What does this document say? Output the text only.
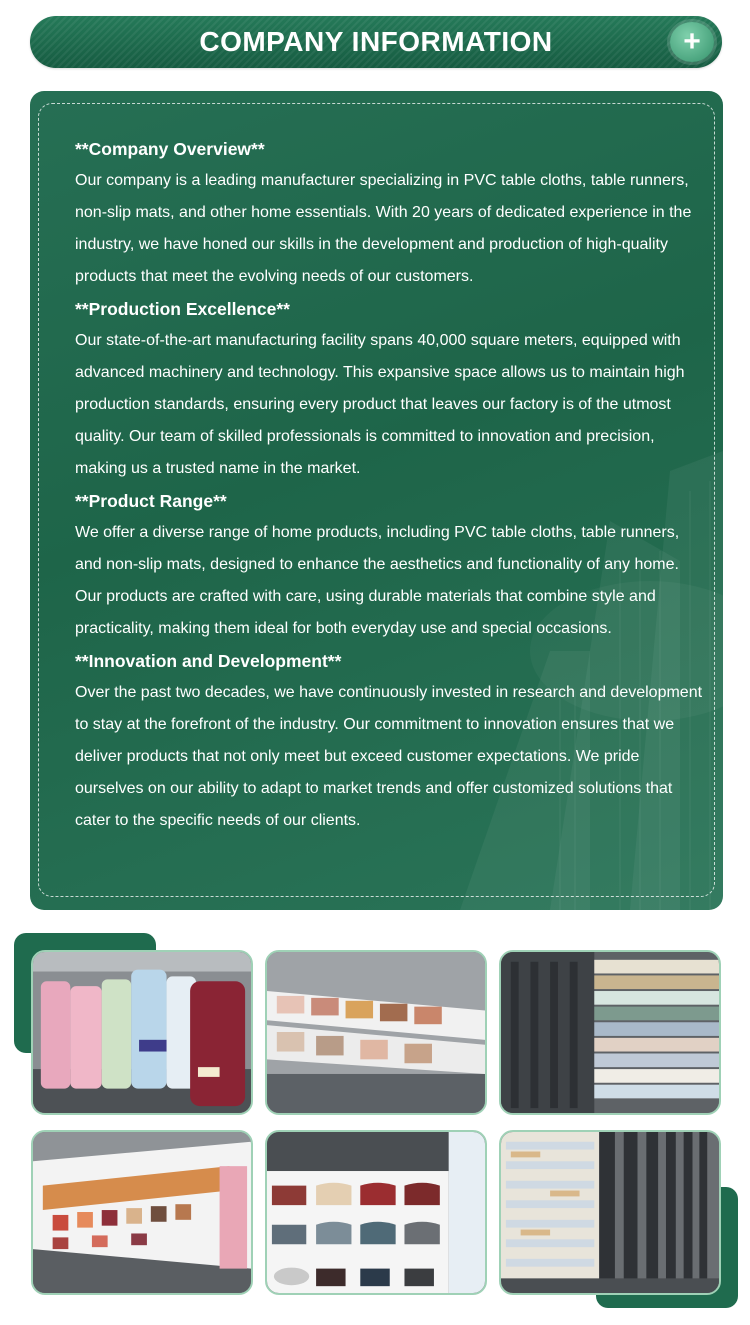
COMPANY INFORMATION	+
**Company Overview**
Our company is a leading manufacturer specializing in PVC table cloths, table runners, non-slip mats, and other home essentials. With 20 years of dedicated experience in the industry, we have honed our skills in the development and production of high-quality products that meet the evolving needs of our customers.
**Production Excellence**
Our state-of-the-art manufacturing facility spans 40,000 square meters, equipped with advanced machinery and technology. This expansive space allows us to maintain high production standards, ensuring every product that leaves our factory is of the utmost quality. Our team of skilled professionals is committed to innovation and precision, making us a trusted name in the market.
**Product Range**
We offer a diverse range of home products, including PVC table cloths, table runners, and non-slip mats, designed to enhance the aesthetics and functionality of any home. Our products are crafted with care, using durable materials that combine style and practicality, making them ideal for both everyday use and special occasions.
**Innovation and Development**
Over the past two decades, we have continuously invested in research and development to stay at the forefront of the industry. Our commitment to innovation ensures that we deliver products that not only meet but exceed customer expectations. We pride ourselves on our ability to adapt to market trends and offer customized solutions that cater to the specific needs of our clients.
